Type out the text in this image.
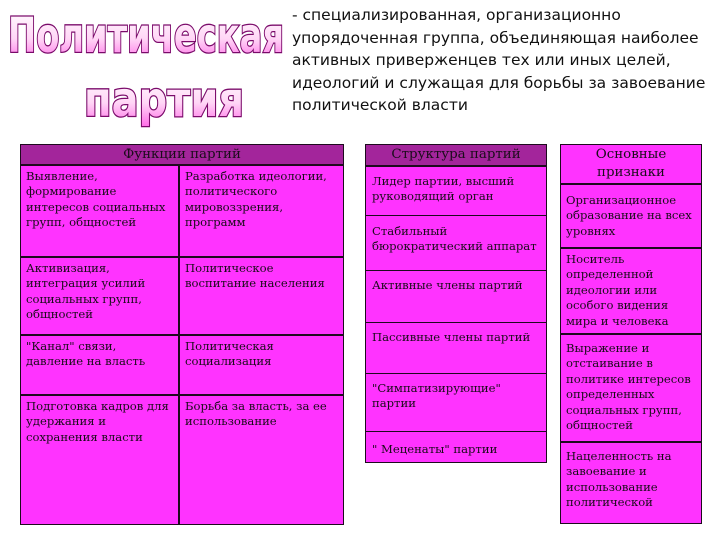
Политическая
партия
- специализированная, организационно упорядоченная группа, объединяющая наиболее активных приверженцев тех или иных целей, идеологий и служащая для борьбы за завоевание политической власти
Функции партий
Выявление, формирование интересов социальных групп, общностей
Разработка идеологии, политического мировоззрения, программ
Активизация, интеграция усилий социальных групп, общностей
Политическое воспитание населения
"Канал" связи, давление на власть
Политическая социализация
Подготовка кадров для удержания и сохранения власти
Борьба за власть, за ее использование
Структура партий
Лидер партии, высший руководящий орган
Стабильный бюрократический аппарат
Активные члены партий
Пассивные члены партий
"Симпатизирующие" партии
" Меценаты" партии
Основные признаки
Организационное образование на всех уровнях
Носитель определенной идеологии или особого видения мира и человека
Выражение и отстаивание в политике интересов определенных социальных групп, общностей
Нацеленность на завоевание и использование политической
